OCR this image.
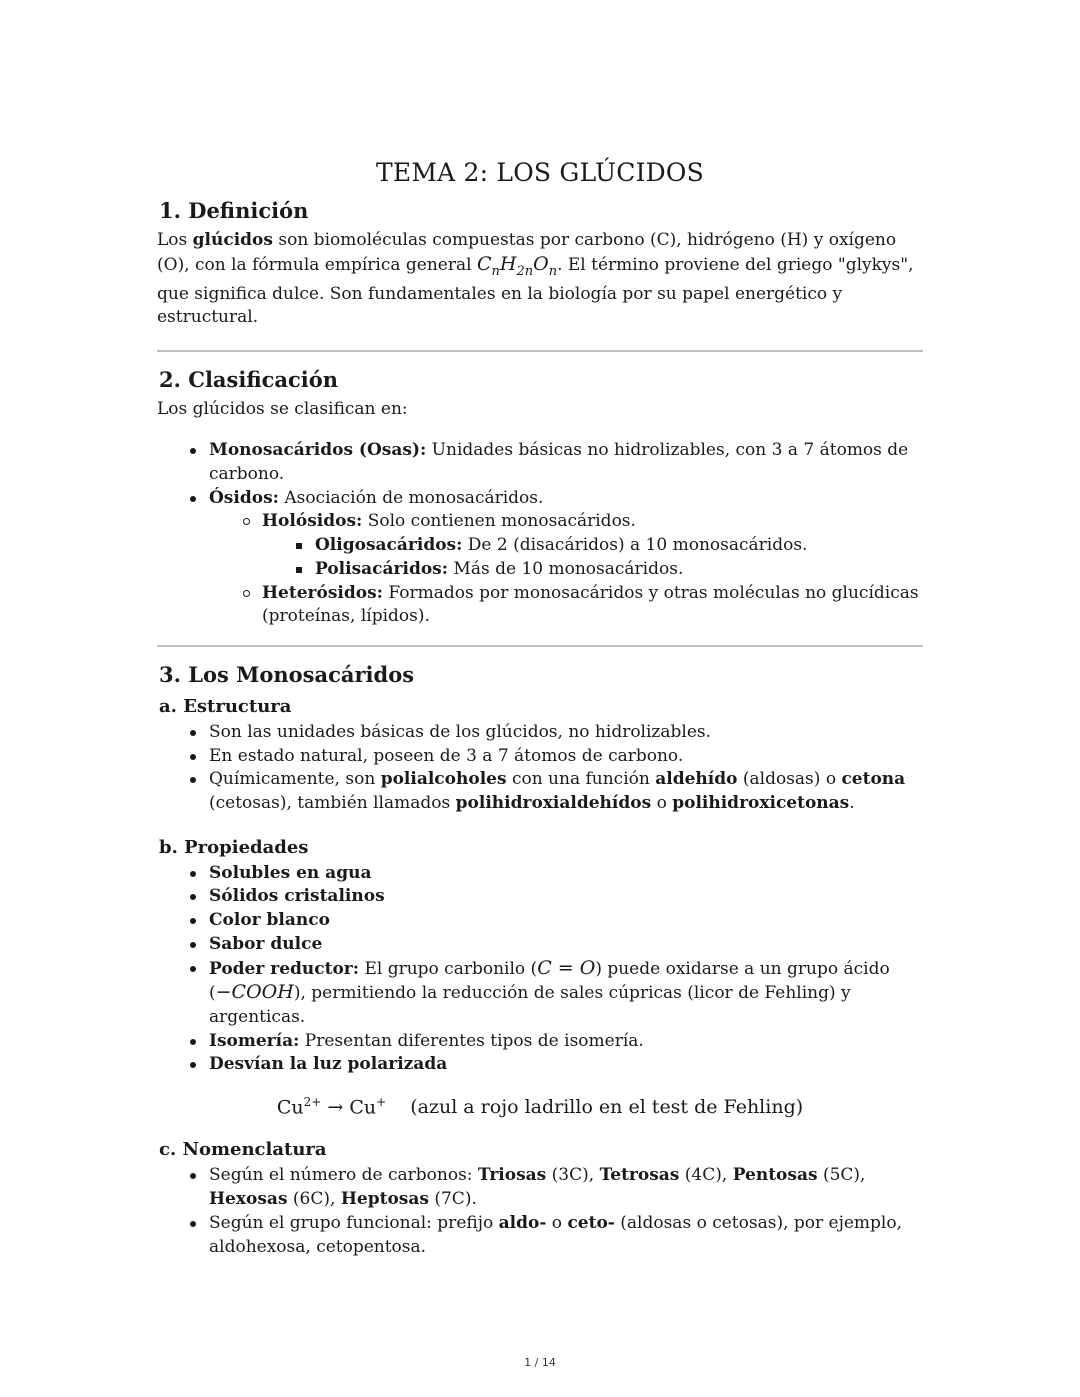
TEMA 2: LOS GLÚCIDOS
1. Definición

Los glúcidos son biomoléculas compuestas por carbono (C), hidrógeno (H) y oxígeno (O), con la fórmula empírica general $C_nH_{2n}O_n$. El término proviene del griego "glykys", que significa dulce. Son fundamentales en la biología por su papel energético y estructural.

2. Clasificación

Los glúcidos se clasifican en:

Monosacáridos (Osas): Unidades básicas no hidrolizables, con 3 a 7 átomos de carbono.
Ósidos: Asociación de monosacáridos.
Holósidos: Solo contienen monosacáridos.
Oligosacáridos: De 2 (disacáridos) a 10 monosacáridos.
Polisacáridos: Más de 10 monosacáridos.
Heterósidos: Formados por monosacáridos y otras moléculas no glucídicas (proteínas, lípidos).
3. Los Monosacáridos
a. Estructura
Son las unidades básicas de los glúcidos, no hidrolizables.
En estado natural, poseen de 3 a 7 átomos de carbono.
Químicamente, son polialcoholes con una función aldehído (aldosas) o cetona (cetosas), también llamados polihidroxialdehídos o polihidroxicetonas.
b. Propiedades
Solubles en agua
Sólidos cristalinos
Color blanco
Sabor dulce
Poder reductor: El grupo carbonilo (C = O) puede oxidarse a un grupo ácido (−COOH), permitiendo la reducción de sales cúpricas (licor de Fehling) y argenticas.
Isomería: Presentan diferentes tipos de isomería.
Desvían la luz polarizada
$Cu^{2+} \to Cu^+$ (azul a rojo ladrillo en el test de Fehling)
c. Nomenclatura
Según el número de carbonos: Triosas (3C), Tetrosas (4C), Pentosas (5C), Hexosas (6C), Heptosas (7C).
Según el grupo funcional: prefijo aldo- o ceto- (aldosas o cetosas), por ejemplo, aldohexosa, cetopentosa.
1 / 14
